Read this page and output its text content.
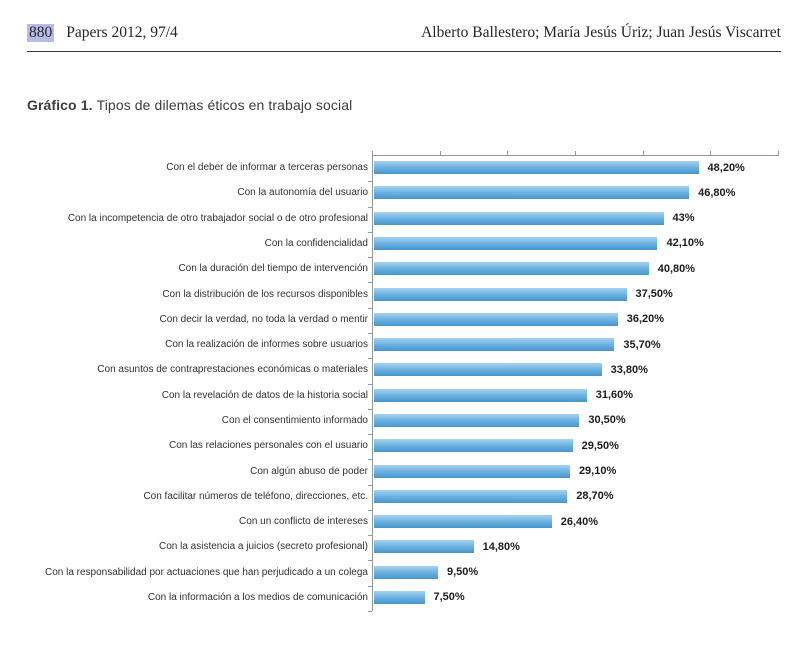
880 Papers 2012, 97/4	Alberto Ballestero; María Jesús Úriz; Juan Jesús Viscarret
Gráfico 1. Tipos de dilemas éticos en trabajo social
Con el deber de informar a terceras personas	48,20%
Con la autonomía del usuario	46,80%
Con la incompetencia de otro trabajador social o de otro profesional	43%
Con la confidencialidad	42,10%
Con la duración del tiempo de intervención	40,80%
Con la distribución de los recursos disponibles	37,50%
Con decir la verdad, no toda la verdad o mentir	36,20%
Con la realización de informes sobre usuarios	35,70%
Con asuntos de contraprestaciones económicas o materiales	33,80%
Con la revelación de datos de la historia social	31,60%
Con el consentimiento informado	30,50%
Con las relaciones personales con el usuario	29,50%
Con algún abuso de poder	29,10%
Con facilitar números de teléfono, direcciones, etc.	28,70%
Con un conflicto de intereses	26,40%
Con la asistencia a juicios (secreto profesional)	14,80%
Con la responsabilidad por actuaciones que han perjudicado a un colega	9,50%
Con la información a los medios de comunicación	7,50%
